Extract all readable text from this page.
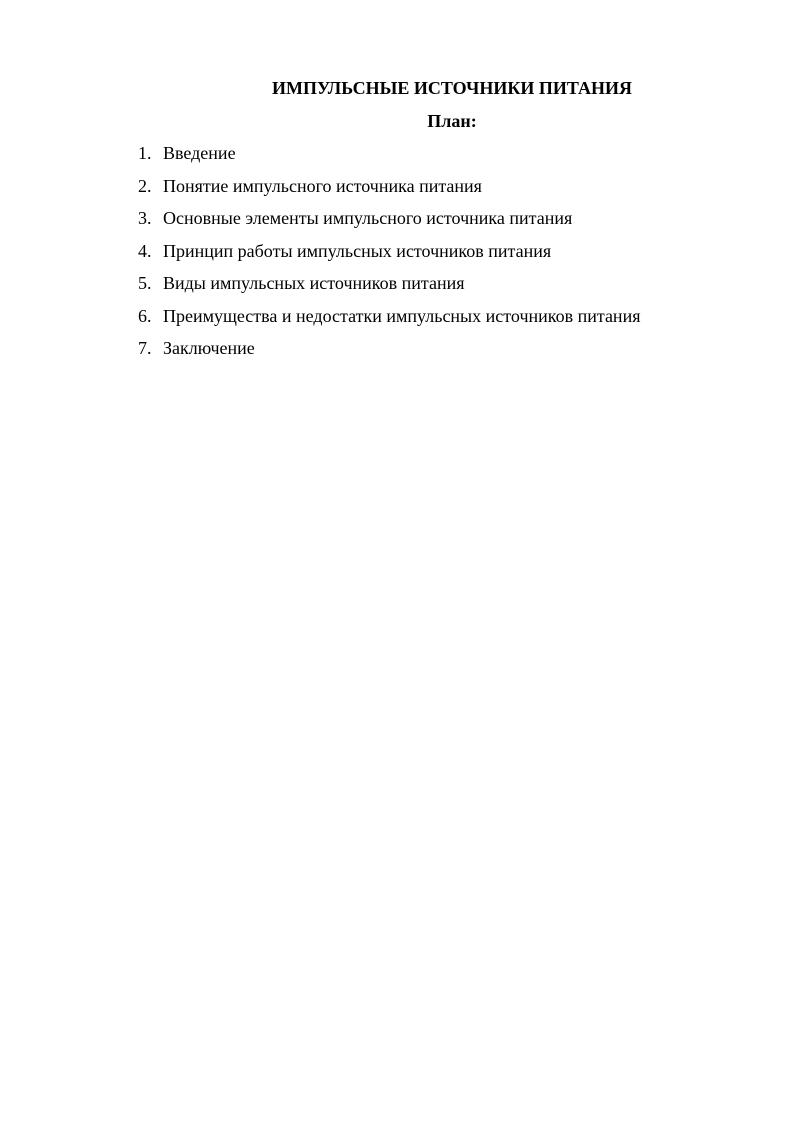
ИМПУЛЬСНЫЕ ИСТОЧНИКИ ПИТАНИЯ
План:
1. Введение
2. Понятие импульсного источника питания
3. Основные элементы импульсного источника питания
4. Принцип работы импульсных источников питания
5. Виды импульсных источников питания
6. Преимущества и недостатки импульсных источников питания
7. Заключение
